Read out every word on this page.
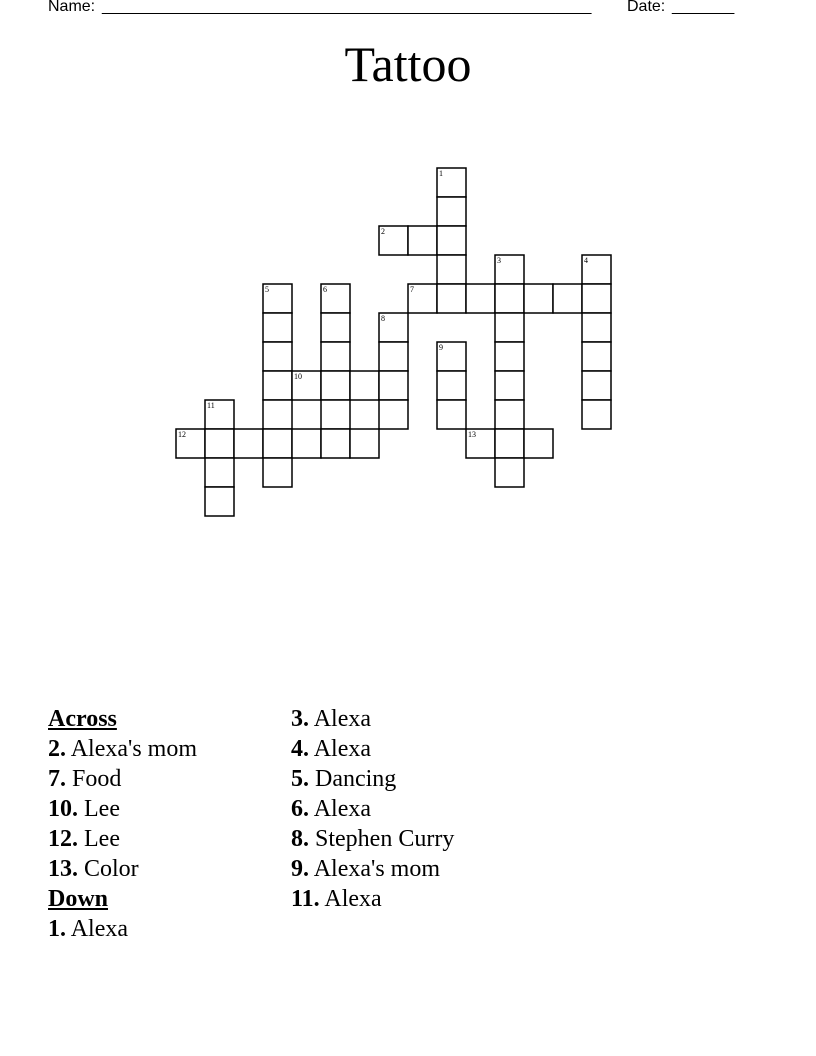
Name: _______________________________________________________ Date: _______
Tattoo
1
2
3	4
5	6	7
8
9
10
11
12	13
Across
2. Alexa's mom
7. Food
10. Lee
12. Lee
13. Color
Down
1. Alexa
3. Alexa
4. Alexa
5. Dancing
6. Alexa
8. Stephen Curry
9. Alexa's mom
11. Alexa
